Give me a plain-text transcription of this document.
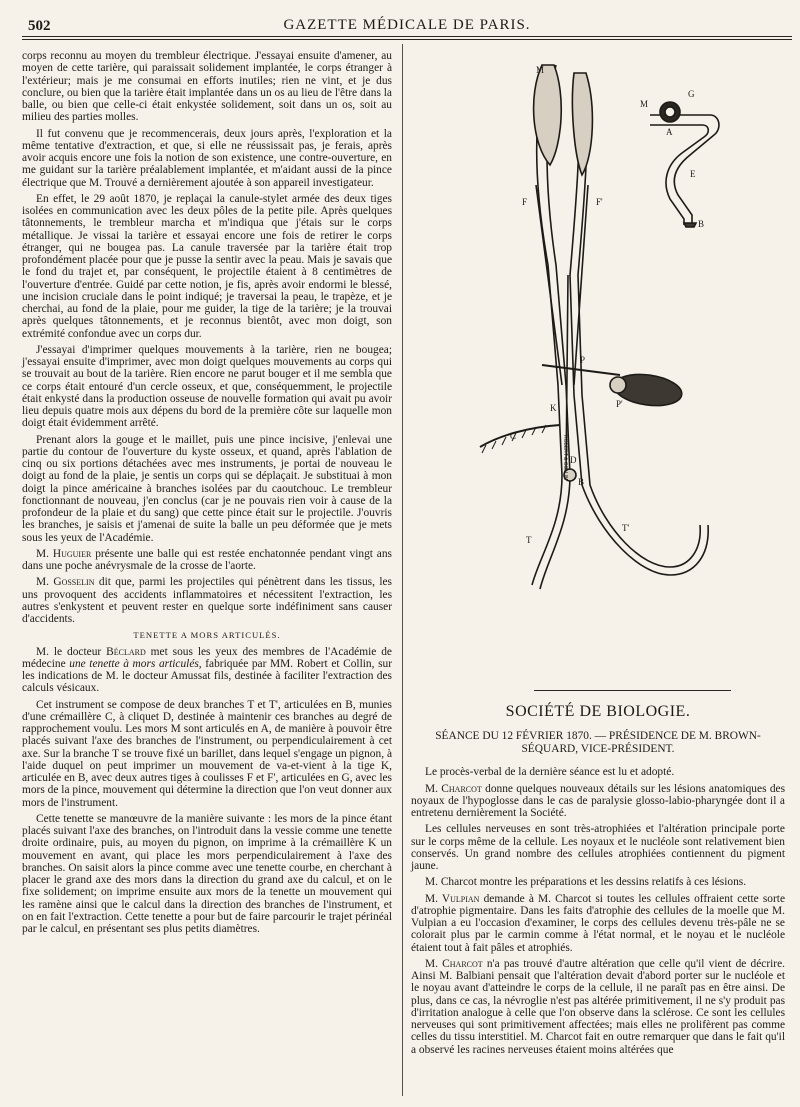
502	GAZETTE MÉDICALE DE PARIS.

corps reconnu au moyen du trembleur électrique. J'essayai ensuite d'amener, au moyen de cette tarière, qui paraissait solidement implantée, le corps étranger à l'extérieur; mais je me consumai en efforts inutiles; rien ne vint, et je dus conclure, ou bien que la tarière était implantée dans un os au lieu de l'être dans la balle, ou bien que celle-ci était enkystée solidement, soit dans un os, soit au milieu des parties molles.

Il fut convenu que je recommencerais, deux jours après, l'exploration et la même tentative d'extraction, et que, si elle ne réussissait pas, je ferais, après avoir acquis encore une fois la notion de son existence, une contre-ouverture, en me guidant sur la tarière préalablement implantée, et m'aidant aussi de la pince électrique que M. Trouvé a dernièrement ajoutée à son appareil investigateur.

En effet, le 29 août 1870, je replaçai la canule-stylet armée des deux tiges isolées en communication avec les deux pôles de la petite pile. Après quelques tâtonnements, le trembleur marcha et m'indiqua que j'étais sur le corps métallique. Je vissai la tarière et essayai encore une fois de retirer le corps étranger, qui ne bougea pas. La canule traversée par la tarière était trop profondément placée pour que je pusse la sentir avec la peau. Mais je savais que le fond du trajet et, par conséquent, le projectile étaient à 8 centimètres de l'ouverture d'entrée. Guidé par cette notion, je fis, après avoir endormi le blessé, une incision cruciale dans le point indiqué; je traversai la peau, le trapèze, et je cherchai, au fond de la plaie, pour me guider, la tige de la tarière; je la trouvai après quelques tâtonnements, et je reconnus bientôt, avec mon doigt, son extrémité confondue avec un corps dur.

J'essayai d'imprimer quelques mouvements à la tarière, rien ne bougea; j'essayai ensuite d'imprimer, avec mon doigt quelques mouvements au corps qui se trouvait au bout de la tarière. Rien encore ne parut bouger et il me sembla que ce corps était entouré d'un cercle osseux, et que, conséquemment, le projectile était enkysté dans la production osseuse de nouvelle formation qui avait pu avoir lieu depuis quatre mois aux dépens du bord de la première côte sur laquelle mon doigt était évidemment arrêté.

Prenant alors la gouge et le maillet, puis une pince incisive, j'enlevai une partie du contour de l'ouverture du kyste osseux, et quand, après l'ablation de cinq ou six portions détachées avec mes instruments, je portai de nouveau le doigt au fond de la plaie, je sentis un corps qui se déplaçait. Je substituai à mon doigt la pince américaine à branches isolées par du caoutchouc. Le trembleur fonctionnant de nouveau, j'en conclus (car je ne pouvais rien voir à cause de la profondeur de la plaie et du sang) que cette pince était sur le projectile. J'ouvris les branches, je saisis et j'amenai de suite la balle un peu déformée que je mets sous les yeux de l'Académie.

M. Huguier présente une balle qui est restée enchatonnée pendant vingt ans dans une poche anévrysmale de la crosse de l'aorte.

M. Gosselin dit que, parmi les projectiles qui pénètrent dans les tissus, les uns provoquent des accidents inflammatoires et nécessitent l'extraction, les autres s'enkystent et peuvent rester en quelque sorte indéfiniment sans causer d'accidents.

TENETTE A MORS ARTICULÉS.

M. le docteur Béclard met sous les yeux des membres de l'Académie de médecine une tenette à mors articulés, fabriquée par MM. Robert et Collin, sur les indications de M. le docteur Amussat fils, destinée à faciliter l'extraction des calculs vésicaux.

Cet instrument se compose de deux branches T et T', articulées en B, munies d'une crémaillère C, à cliquet D, destinée à maintenir ces branches au degré de rapprochement voulu. Les mors M sont articulés en A, de manière à pouvoir être placés suivant l'axe des branches de l'instrument, ou perpendiculairement à cet axe. Sur la branche T se trouve fixé un barillet, dans lequel s'engage un pignon, à l'aide duquel on peut imprimer un mouvement de va-et-vient à la tige K, articulée en B, avec deux autres tiges à coulisses F et F', articulées en G, avec les mors de la pince, mouvement qui détermine la direction que l'on veut donner aux mors de l'instrument.

Cette tenette se manœuvre de la manière suivante : les mors de la pince étant placés suivant l'axe des branches, on l'introduit dans la vessie comme une tenette droite ordinaire, puis, au moyen du pignon, on imprime à la crémaillère K un mouvement en avant, qui place les mors perpendiculairement à l'axe des branches. On saisit alors la pince comme avec une tenette courbe, en cherchant à placer le grand axe des mors dans la direction du grand axe du calcul, et on le fixe solidement; on imprime ensuite aux mors de la tenette un mouvement qui les ramène ainsi que le calcul dans la direction des branches de l'instrument, et on en fait l'extraction. Cette tenette a pour but de faire parcourir le trajet périnéal par le calcul, en présentant ses plus petits diamètres.

ROBERT & COLLIN
M
M
G
A
E
B
F	F'
P
P'
K
C
D
B
T
T'
SOCIÉTÉ DE BIOLOGIE.
SÉANCE DU 12 FÉVRIER 1870. — PRÉSIDENCE DE M. BROWN-SÉQUARD, VICE-PRÉSIDENT.

Le procès-verbal de la dernière séance est lu et adopté.

M. Charcot donne quelques nouveaux détails sur les lésions anatomiques des noyaux de l'hypoglosse dans le cas de paralysie glosso-labio-pharyngée dont il a entretenu dernièrement la Société.

Les cellules nerveuses en sont très-atrophiées et l'altération principale porte sur le corps même de la cellule. Les noyaux et le nucléole sont relativement bien conservés. Un grand nombre des cellules atrophiées contiennent du pigment jaune.

M. Charcot montre les préparations et les dessins relatifs à ces lésions.

M. Vulpian demande à M. Charcot si toutes les cellules offraient cette sorte d'atrophie pigmentaire. Dans les faits d'atrophie des cellules de la moelle que M. Vulpian a eu l'occasion d'examiner, le corps des cellules devenu très-pâle ne se colorait plus par le carmin comme à l'état normal, et le noyau et le nucléole étaient tout à fait pâles et atrophiés.

M. Charcot n'a pas trouvé d'autre altération que celle qu'il vient de décrire. Ainsi M. Balbiani pensait que l'altération devait d'abord porter sur le nucléole et le noyau avant d'atteindre le corps de la cellule, il ne paraît pas en être ainsi. De plus, dans ce cas, la névroglie n'est pas altérée primitivement, il ne s'y produit pas d'irritation analogue à celle que l'on observe dans la sclérose. Ce sont les cellules nerveuses qui sont primitivement affectées; mais elles ne prolifèrent pas comme celles du tissu interstitiel. M. Charcot fait en outre remarquer que dans le fait qu'il a observé les racines nerveuses étaient moins altérées que
